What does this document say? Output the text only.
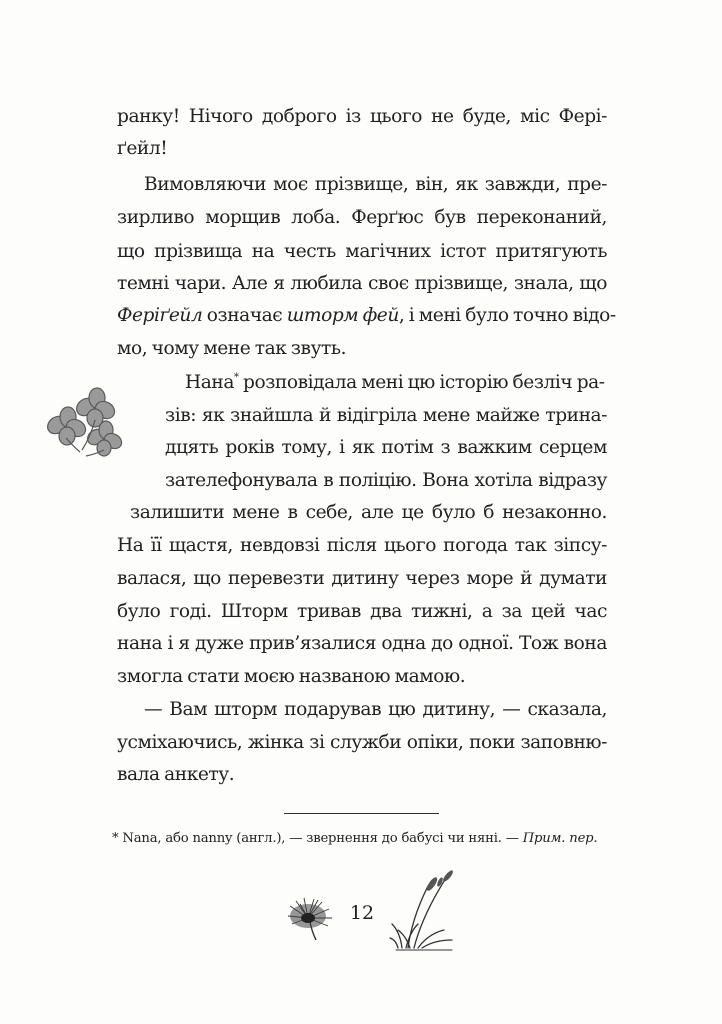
ранку! Нічого доброго із цього не буде, міс Ферi-
ґейл!
Вимовляючи моє прізвище, він, як завжди, пре-
зирливо морщив лоба. Ферґюс був переконаний,
що прізвища на честь магічних істот притягують
темні чари. Але я любила своє прізвище, знала, що
Ферiґейл означає шторм фей, і мені було точно відо-
мо, чому мене так звуть.
Нана* розповідала мені цю історію безліч ра-
зів: як знайшла й відігріла мене майже трина-
дцять років тому, і як потім з важким серцем
зателефонувала в поліцію. Вона хотіла відразу
залишити мене в себе, але це було б незаконно.
На її щастя, невдовзі після цього погода так зіпсу-
валася, що перевезти дитину через море й думати
було годі. Шторм тривав два тижні, а за цей час
нана і я дуже прив’язалися одна до одної. Тож вона
змогла стати моєю названою мамою.
— Вам шторм подарував цю дитину, — сказала,
усміхаючись, жінка зі служби опіки, поки заповню-
вала анкету.
* Nana, або nanny (англ.), — звернення до бабусі чи няні. — Прим. пер.
12
